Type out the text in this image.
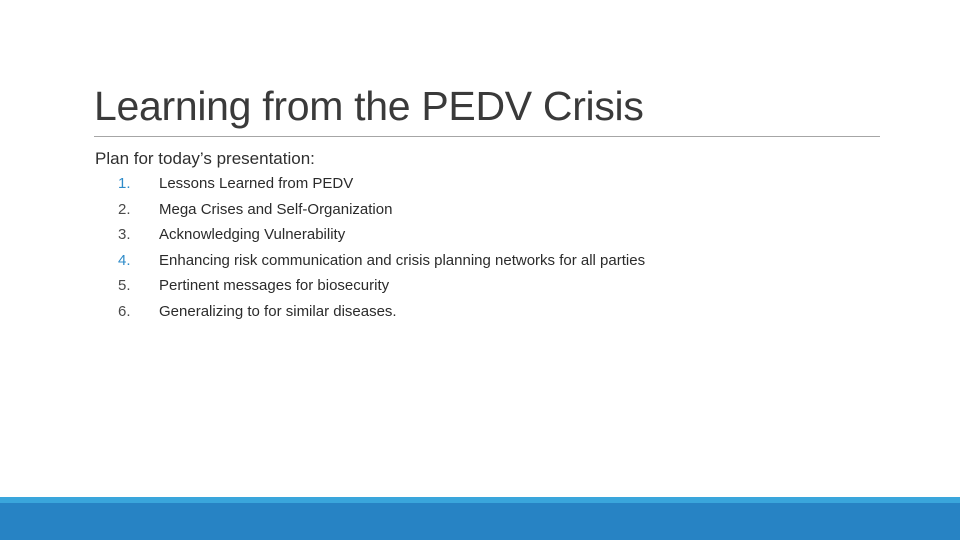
Learning from the PEDV Crisis
Plan for today’s presentation:
1.	Lessons Learned from PEDV
2.	Mega Crises and Self-Organization
3.	Acknowledging Vulnerability
4.	Enhancing risk communication and crisis planning networks for all parties
5.	Pertinent messages for biosecurity
6.	Generalizing to for similar diseases.
